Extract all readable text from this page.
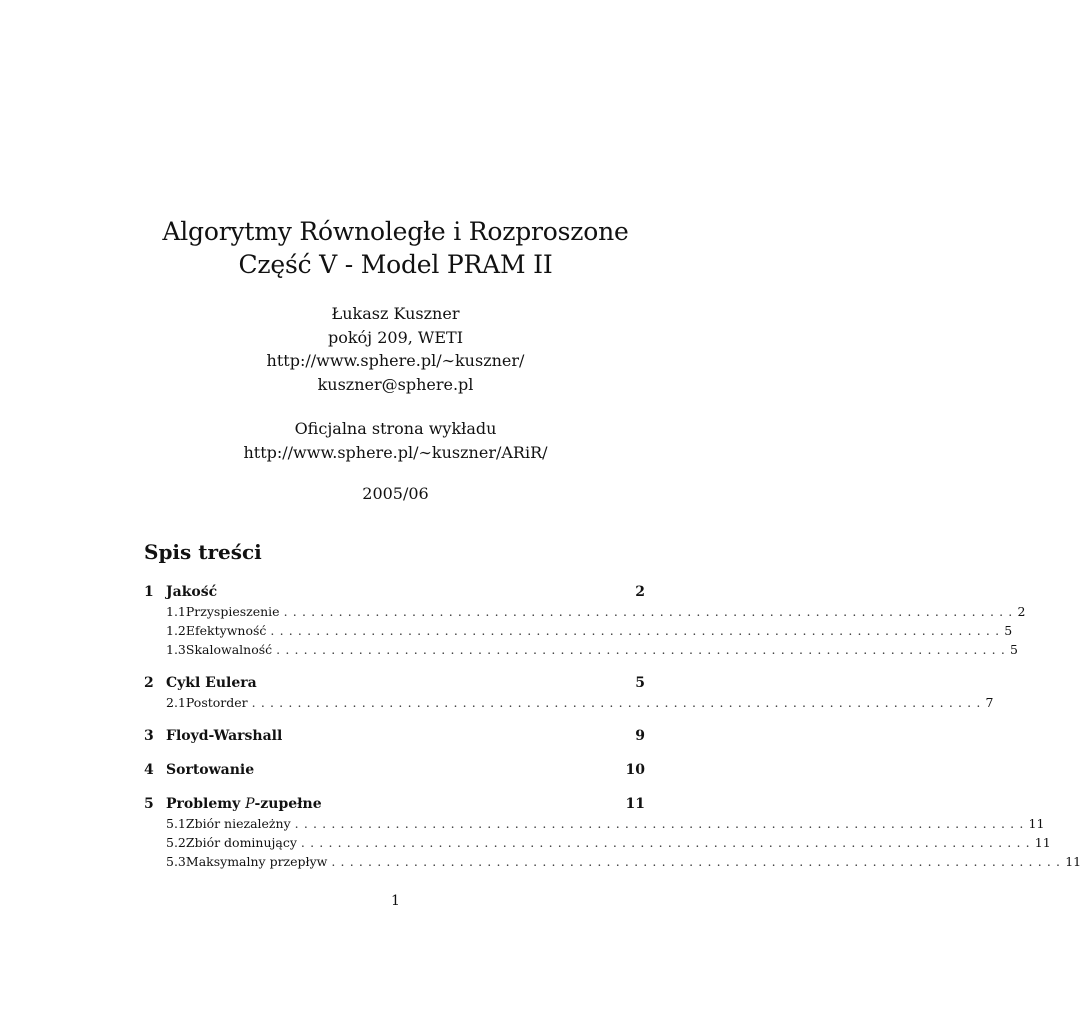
Algorytmy Równoległe i Rozproszone

Część V - Model PRAM II

Łukasz Kuszner
pokój 209, WETI
http://www.sphere.pl/∼kuszner/
kuszner@sphere.pl
Oficjalna strona wykładu
http://www.sphere.pl/∼kuszner/ARiR/
2005/06
Spis treści
1 Jakość	2
1.1 Przyspieszenie ................................................................................ 2
1.2 Efektywność ................................................................................ 5
1.3 Skalowalność ................................................................................ 5
2 Cykl Eulera	5
2.1 Postorder ................................................................................ 7
3 Floyd-Warshall	9
4 Sortowanie	10
5 Problemy P-zupełne	11
5.1 Zbiór niezależny ................................................................................ 11
5.2 Zbiór dominujący ................................................................................ 11
5.3 Maksymalny przepływ ................................................................................ 11
1
